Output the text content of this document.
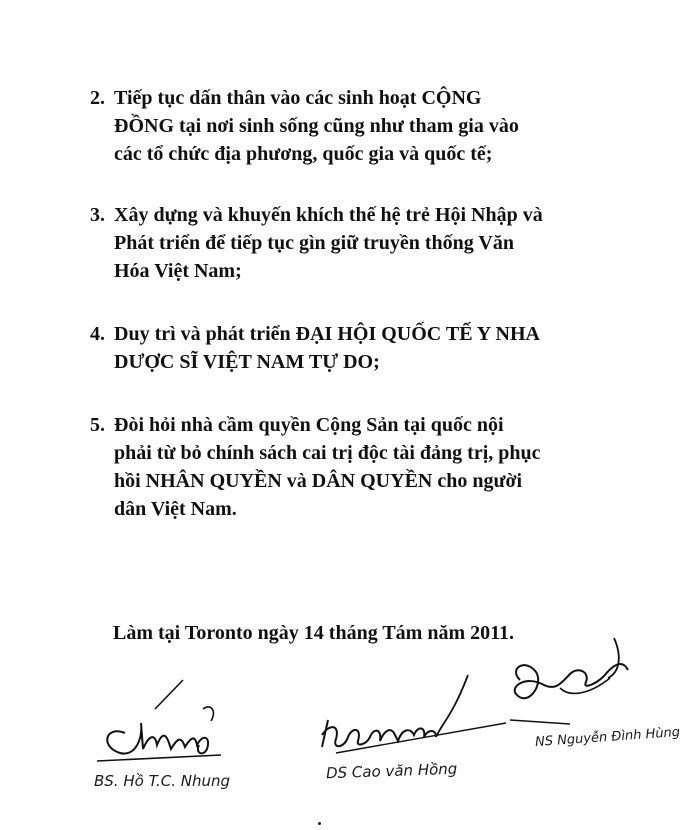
2. Tiếp tục dấn thân vào các sinh hoạt CỘNG
ĐỒNG tại nơi sinh sống cũng như tham gia vào
các tổ chức địa phương, quốc gia và quốc tế;
3. Xây dựng và khuyến khích thế hệ trẻ Hội Nhập và
Phát triển để tiếp tục gìn giữ truyền thống Văn
Hóa Việt Nam;
4. Duy trì và phát triển ĐẠI HỘI QUỐC TẾ Y NHA
DƯỢC SĨ VIỆT NAM TỰ DO;
5. Đòi hỏi nhà cầm quyền Cộng Sản tại quốc nội
phải từ bỏ chính sách cai trị độc tài đảng trị, phục
hồi NHÂN QUYỀN và DÂN QUYỀN cho người
dân Việt Nam.
Làm tại Toronto ngày 14 tháng Tám năm 2011.
BS. Hồ T.C. Nhung	DS Cao văn Hồng
NS Nguyễn Đình Hùng
